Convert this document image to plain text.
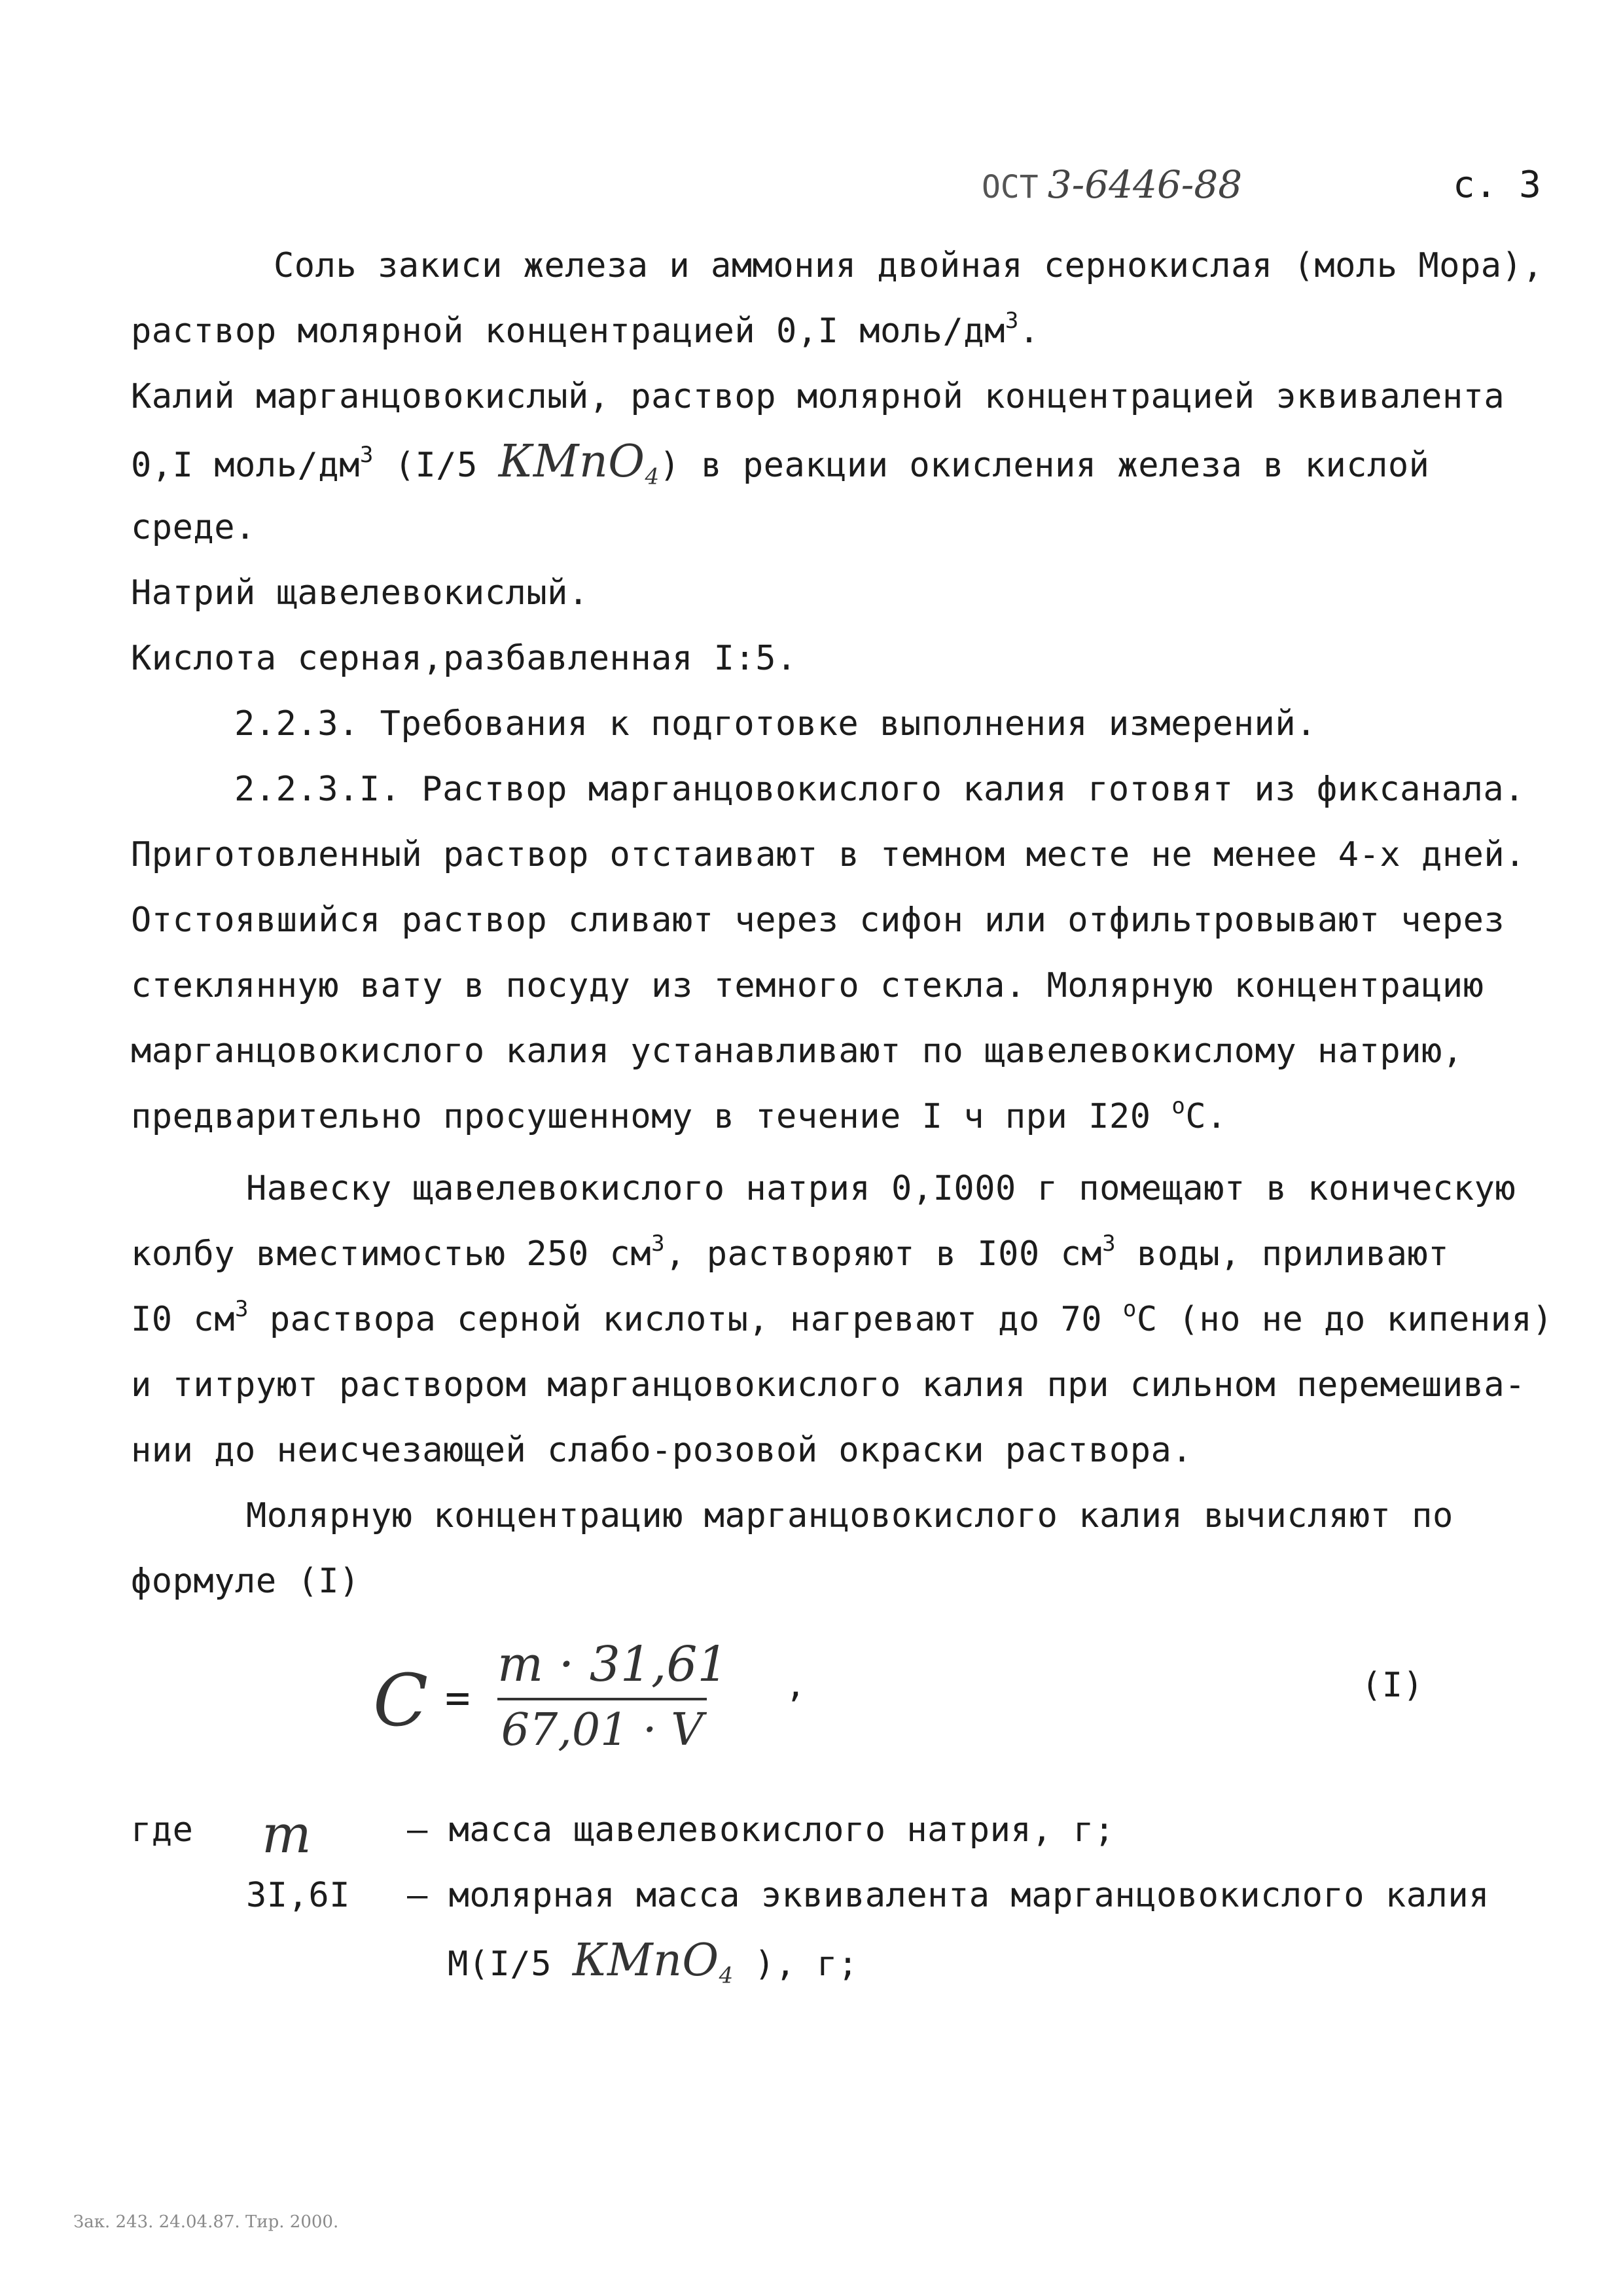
ОСТ 3-6446-88	с. 3
Соль закиси железа и аммония двойная сернокислая (моль Мора),
раствор молярной концентрацией 0,I моль/$дм^3$.
Калий марганцовокислый, раствор молярной концентрацией эквивалента
0,I моль/$дм^3$ (I/5 КМnO$_4$) в реакции окисления железа в кислой
среде.
Натрий щавелевокислый.
Кислота серная,разбавленная I:5.
2.2.3. Требования к подготовке выполнения измерений.
2.2.3.I. Раствор марганцовокислого калия готовят из фиксанала.
Приготовленный раствор отстаивают в темном месте не менее 4-х дней.
Отстоявшийся раствор сливают через сифон или отфильтровывают через
стеклянную вату в посуду из темного стекла. Молярную концентрацию
марганцовокислого калия устанавливают по щавелевокислому натрию,
предварительно просушенному в течение I ч при I20 $^о$С.
Навеску щавелевокислого натрия 0,I000 г помещают в коническую
колбу вместимостью 250 $см^3$, растворяют в I00 $см^3$ воды, приливают
I0 $см^3$ раствора серной кислоты, нагревают до 70 $^о$С (но не до кипения)
и титруют раствором марганцовокислого калия при сильном перемешива-
нии до неисчезающей слабо-розовой окраски раствора.
Молярную концентрацию марганцовокислого калия вычисляют по
формуле (I)
С =
m · 31,61
67,01 · V
,	(I)
где m	– масса щавелевокислого натрия, г;
3I,6I – молярная масса эквивалента марганцовокислого калия
М(I/5 КМnO$_4$ ), г;
Зак. 243. 24.04.87. Тир. 2000.
